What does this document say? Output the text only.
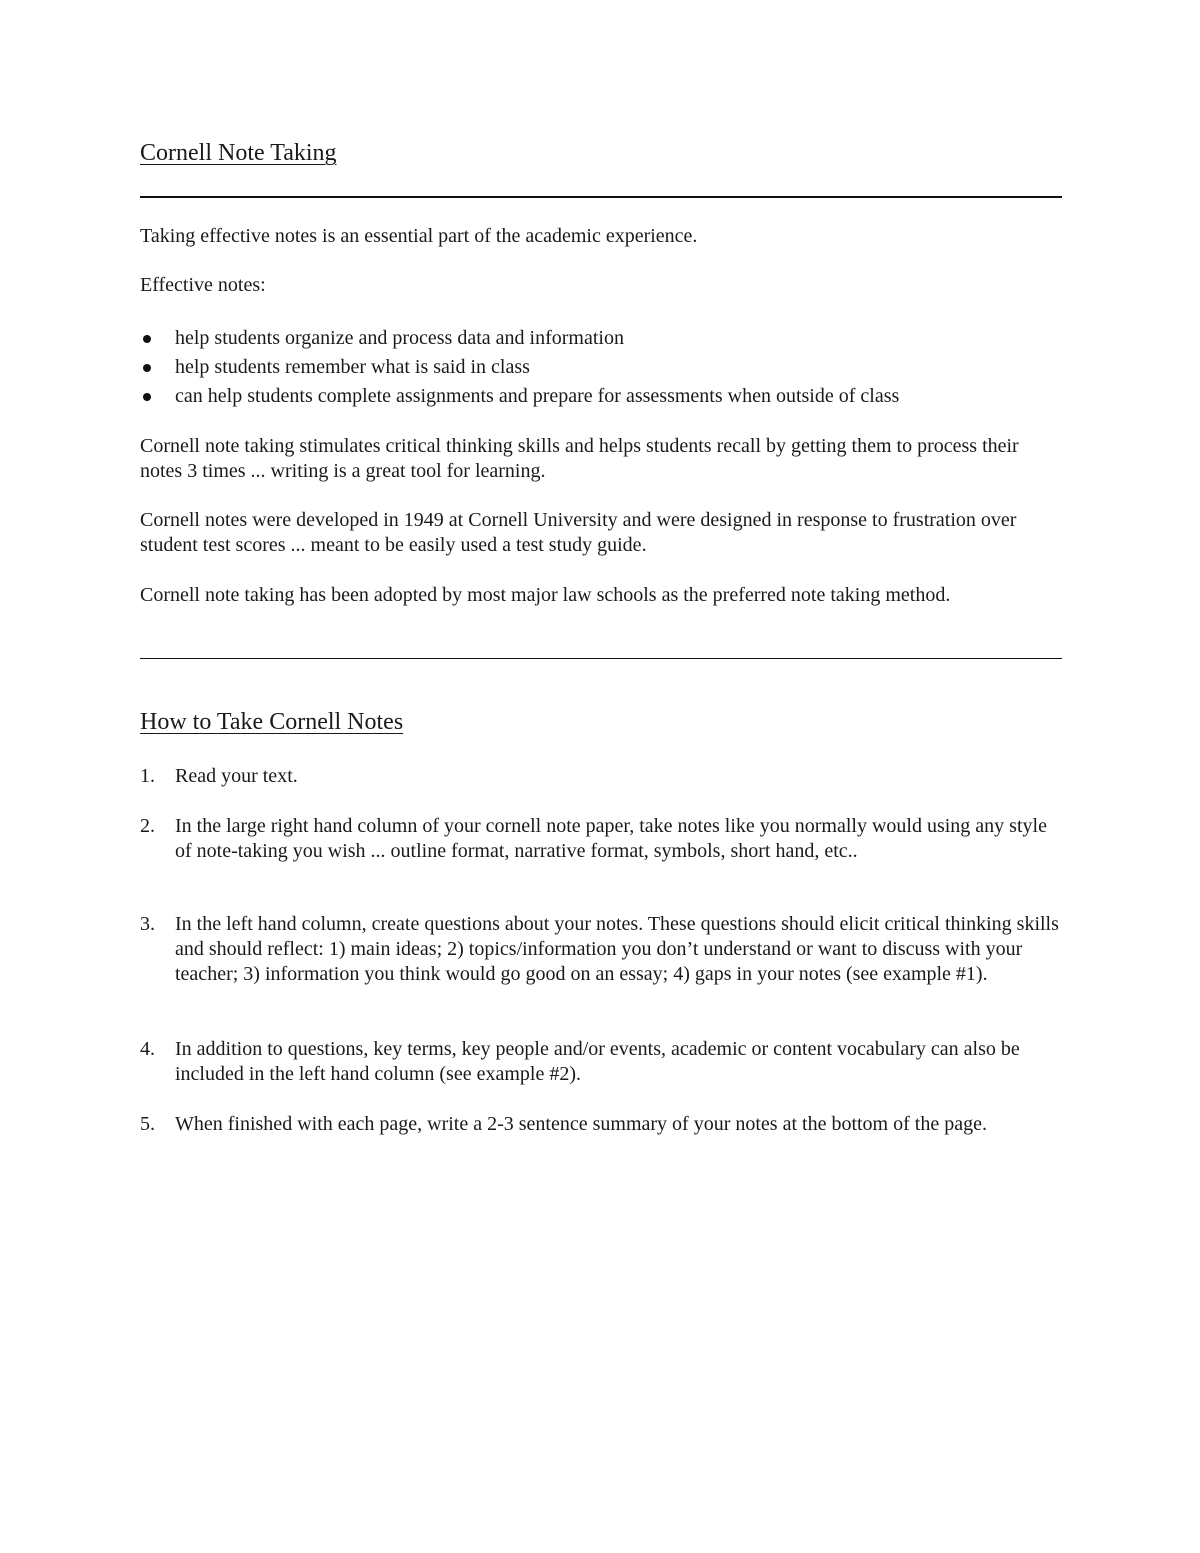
Cornell Note Taking

Taking effective notes is an essential part of the academic experience.

Effective notes:

help students organize and process data and information
help students remember what is said in class
can help students complete assignments and prepare for assessments when outside of class

Cornell note taking stimulates critical thinking skills and helps students recall by getting them to process their notes 3 times ... writing is a great tool for learning.

Cornell notes were developed in 1949 at Cornell University and were designed in response to frustration over student test scores ... meant to be easily used a test study guide.

Cornell note taking has been adopted by most major law schools as the preferred note taking method.

How to Take Cornell Notes
1.	Read your text.
2.	In the large right hand column of your cornell note paper, take notes like you normally would using any style of note-taking you wish ... outline format, narrative format, symbols, short hand, etc..
3.	In the left hand column, create questions about your notes. These questions should elicit critical thinking skills and should reflect: 1) main ideas; 2) topics/information you don’t understand or want to discuss with your teacher; 3) information you think would go good on an essay; 4) gaps in your notes (see example #1).
4.	In addition to questions, key terms, key people and/or events, academic or content vocabulary can also be included in the left hand column (see example #2).
5.	When finished with each page, write a 2-3 sentence summary of your notes at the bottom of the page.
